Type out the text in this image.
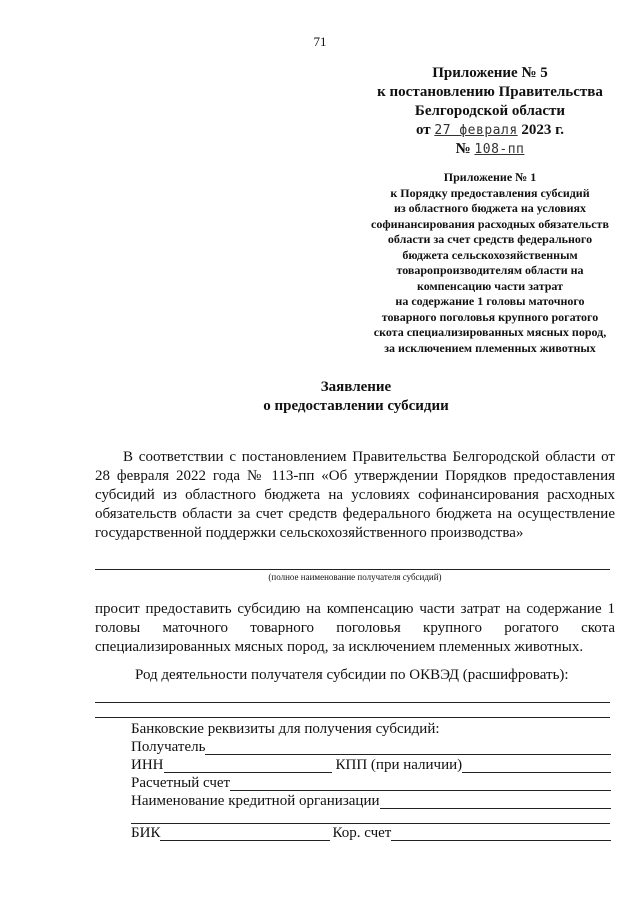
71
Приложение № 5
к постановлению Правительства
Белгородской области
от 27 февраля 2023 г.
№ 108-пп
Приложение № 1
к Порядку предоставления субсидий
из областного бюджета на условиях
софинансирования расходных обязательств
области за счет средств федерального
бюджета сельскохозяйственным
товаропроизводителям области на
компенсацию части затрат
на содержание 1 головы маточного
товарного поголовья крупного рогатого
скота специализированных мясных пород,
за исключением племенных животных
Заявление
о предоставлении субсидии
В соответствии с постановлением Правительства Белгородской области от 28 февраля 2022 года № 113-пп «Об утверждении Порядков предоставления субсидий из областного бюджета на условиях софинансирования расходных обязательств области за счет средств федерального бюджета на осуществление государственной поддержки сельскохозяйственного производства»
(полное наименование получателя субсидий)
просит предоставить субсидию на компенсацию части затрат на содержание 1 головы маточного товарного поголовья крупного рогатого скота специализированных мясных пород, за исключением племенных животных.
Род деятельности получателя субсидии по ОКВЭД (расшифровать):
Банковские реквизиты для получения субсидий:
Получатель
ИНН	КПП (при наличии)
Расчетный счет
Наименование кредитной организации
БИК	Кор. счет
